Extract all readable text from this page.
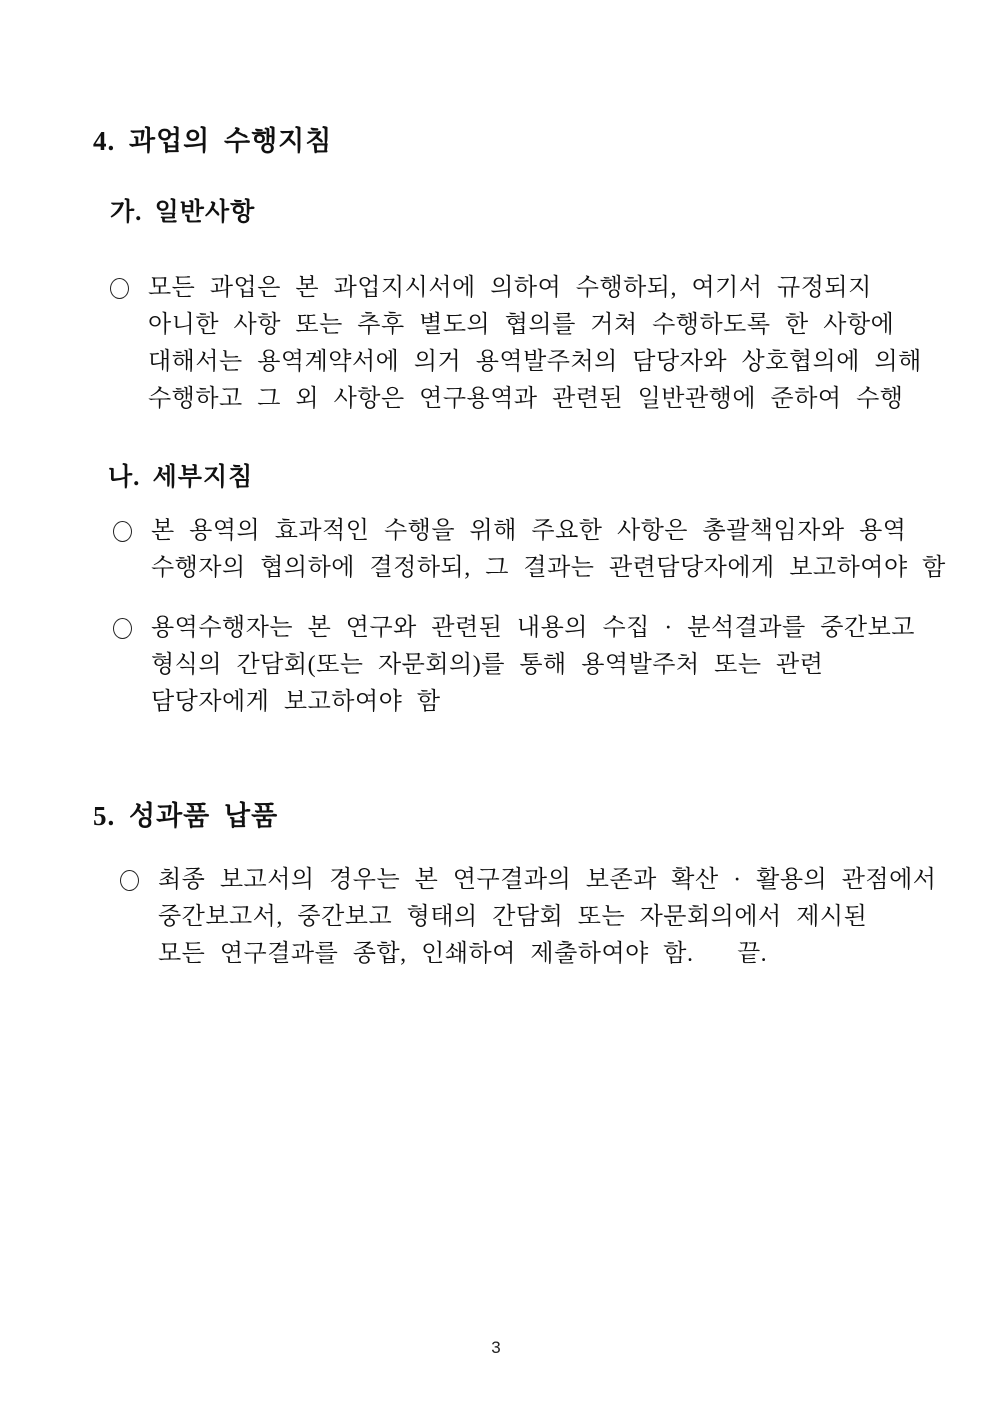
4. 과업의 수행지침
가. 일반사항
모든 과업은 본 과업지시서에 의하여 수행하되, 여기서 규정되지
아니한 사항 또는 추후 별도의 협의를 거쳐 수행하도록 한 사항에
대해서는 용역계약서에 의거 용역발주처의 담당자와 상호협의에 의해
수행하고 그 외 사항은 연구용역과 관련된 일반관행에 준하여 수행
나. 세부지침
본 용역의 효과적인 수행을 위해 주요한 사항은 총괄책임자와 용역
수행자의 협의하에 결정하되, 그 결과는 관련담당자에게 보고하여야 함
용역수행자는 본 연구와 관련된 내용의 수집 · 분석결과를 중간보고
형식의 간담회(또는 자문회의)를 통해 용역발주처 또는 관련
담당자에게 보고하여야 함
5. 성과품 납품
최종 보고서의 경우는 본 연구결과의 보존과 확산 · 활용의 관점에서
중간보고서, 중간보고 형태의 간담회 또는 자문회의에서 제시된
모든 연구결과를 종합, 인쇄하여 제출하여야 함.   끝.
3
